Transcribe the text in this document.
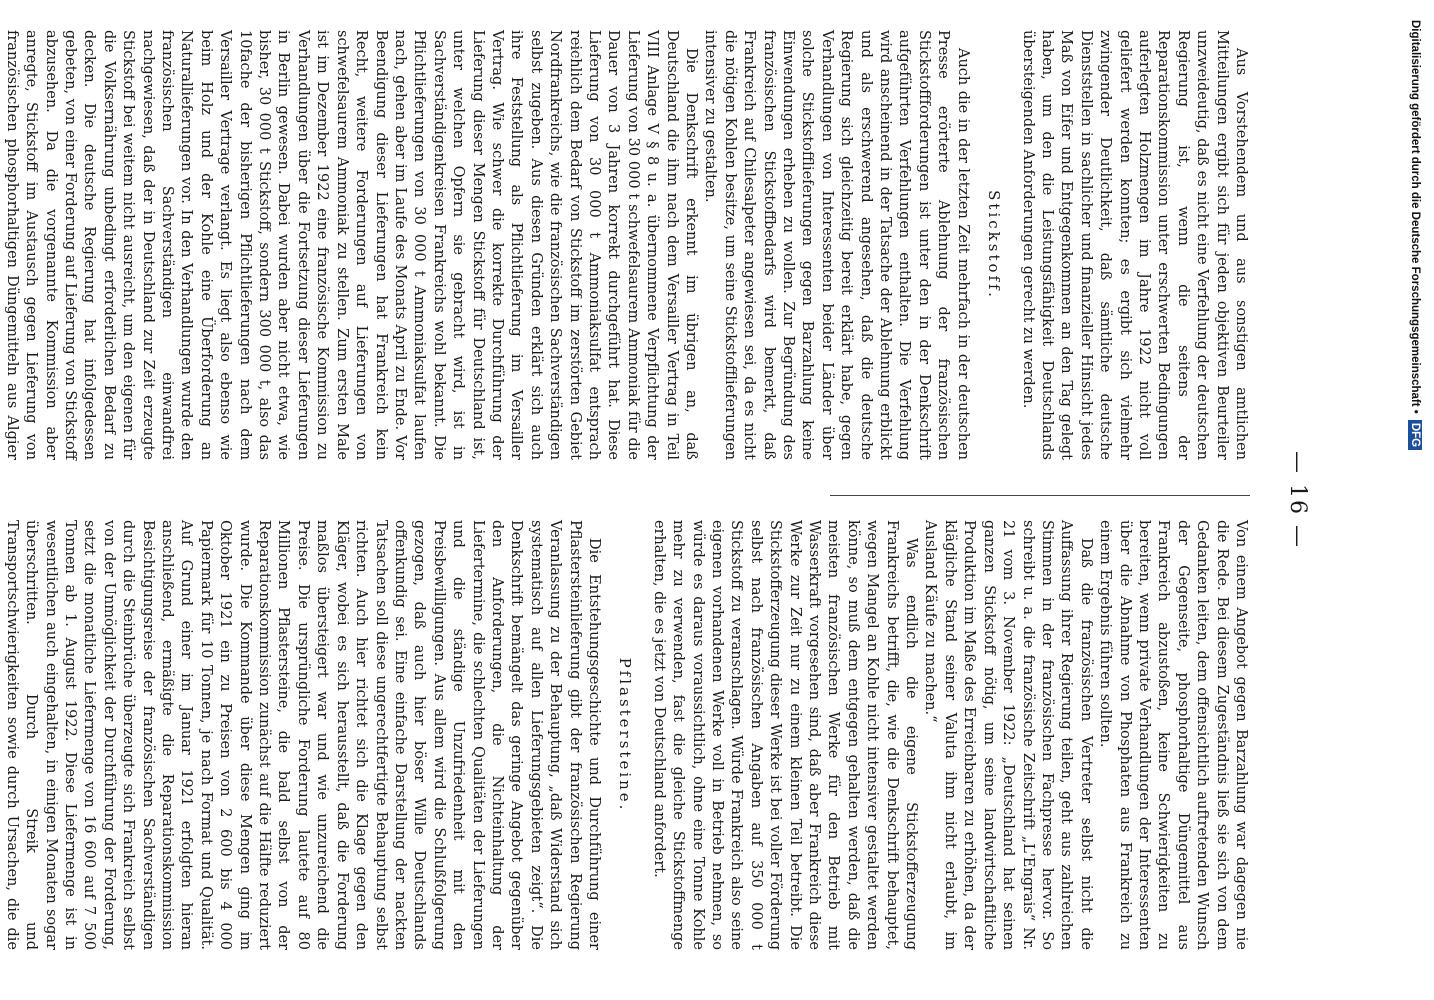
— 16 —

Aus Vorstehendem und aus sonstigen amtlichen Mitteilungen ergibt sich für jeden objektiven Beurteiler unzweideutig, daß es nicht eine Verfehlung der deutschen Regierung ist, wenn die seitens der Reparationskommission unter erschwerten Bedingungen auferlegten Holzmengen im Jahre 1922 nicht voll geliefert werden konnten; es ergibt sich vielmehr zwingender Deutlichkeit, daß sämtliche deutsche Dienststellen in sachlicher und finanzieller Hinsicht jedes Maß von Eifer und Entgegenkommen an den Tag gelegt haben, um den die Leistungsfähigkeit Deutschlands übersteigenden Anforderungen gerecht zu werden.

Stickstoff.

Auch die in der letzten Zeit mehrfach in der deutschen Presse erörterte Ablehnung der französischen Stickstoffforderungen ist unter den in der Denkschrift aufgeführten Verfehlungen enthalten. Die Verfehlung wird anscheinend in der Tatsache der Ablehnung erblickt und als erschwerend angesehen, daß die deutsche Regierung sich gleichzeitig bereit erklärt habe, gegen Verhandlungen von Interessenten beider Länder über solche Stickstofflieferungen gegen Barzahlung keine Einwendungen erheben zu wollen. Zur Begründung des französischen Stickstoffbedarfs wird bemerkt, daß Frankreich auf Chilesalpeter angewiesen sei, da es nicht die nötigen Kohlen besitze, um seine Stickstofflieferungen intensiver zu gestalten.

Die Denkschrift erkennt im übrigen an, daß Deutschland die ihm nach dem Versailler Vertrag in Teil VIII Anlage V § 8 u. a. übernommene Verpflichtung der Lieferung von 30 000 t schwefelsaurem Ammoniak für die Dauer von 3 Jahren korrekt durchgeführt hat. Diese Lieferung von 30 000 t Ammoniaksulfat entsprach reichlich dem Bedarf von Stickstoff im zerstörten Gebiet Nordfrankreichs, wie die französischen Sachverständigen selbst zugeben. Aus diesen Gründen erklärt sich auch ihre Feststellung als Pflichtlieferung im Versailler Vertrag. Wie schwer die korrekte Durchführung der Lieferung dieser Mengen Stickstoff für Deutschland ist, unter welchen Opfern sie gebracht wird, ist in Sachverständigenkreisen Frankreichs wohl bekannt. Die Pflichtlieferungen von 30 000 t Ammoniaksulfat laufen nach, gehen aber im Laufe des Monats April zu Ende. Vor Beendigung dieser Lieferungen hat Frankreich kein Recht, weitere Forderungen auf Lieferungen von schwefelsaurem Ammoniak zu stellen. Zum ersten Male ist im Dezember 1922 eine französische Kommission zu Verhandlungen über die Fortsetzung dieser Lieferungen in Berlin gewesen. Dabei wurden aber nicht etwa, wie bisher, 30 000 t Stickstoff, sondern 300 000 t, also das 10fache der bisherigen Pflichtlieferungen nach dem Versailler Vertrage verlangt. Es liegt also ebenso wie beim Holz und der Kohle eine Überforderung an Naturallieferungen vor. In den Verhandlungen wurde den französischen Sachverständigen einwandfrei nachgewiesen, daß der in Deutschland zur Zeit erzeugte Stickstoff bei weitem nicht ausreicht, um den eigenen für die Volksernährung unbedingt erforderlichen Bedarf zu decken. Die deutsche Regierung hat infolgedessen gebeten, von einer Forderung auf Lieferung von Stickstoff abzusehen. Da die vorgenannte Kommission aber anregte, Stickstoff im Austausch gegen Lieferung von französischen phosphorhaltigen Düngemitteln aus Algier

Von einem Angebot gegen Barzahlung war dagegen nie die Rede. Bei diesem Zugeständnis ließ sie sich von dem Gedanken leiten, dem offensichtlich auftretenden Wunsch der Gegenseite, phosphorhaltige Düngemittel aus Frankreich abzustoßen, keine Schwierigkeiten zu bereiten, wenn private Verhandlungen der Interessenten über die Abnahme von Phosphaten aus Frankreich zu einem Ergebnis führen sollten.

Daß die französischen Vertreter selbst nicht die Auffassung ihrer Regierung teilen, geht aus zahlreichen Stimmen in der französischen Fachpresse hervor. So schreibt u. a. die französische Zeitschrift „L'Engrais“ Nr. 21 vom 3. November 1922: „Deutschland hat seinen ganzen Stickstoff nötig, um seine landwirtschaftliche Produktion im Maße des Erreichbaren zu erhöhen, da der klägliche Stand seiner Valuta ihm nicht erlaubt, im Ausland Käufe zu machen.“

Was endlich die eigene Stickstofferzeugung Frankreichs betrifft, die, wie die Denkschrift behauptet, wegen Mangel an Kohle nicht intensiver gestaltet werden könne, so muß dem entgegen gehalten werden, daß die meisten französischen Werke für den Betrieb mit Wasserkraft vorgesehen sind, daß aber Frankreich diese Werke zur Zeit nur zu einem kleinen Teil betreibt. Die Stickstofferzeugung dieser Werke ist bei voller Förderung selbst nach französischen Angaben auf 350 000 t Stickstoff zu veranschlagen. Würde Frankreich also seine eigenen vorhandenen Werke voll in Betrieb nehmen, so würde es daraus voraussichtlich, ohne eine Tonne Kohle mehr zu verwenden, fast die gleiche Stickstoffmenge erhalten, die es jetzt von Deutschland anfordert.

Pflastersteine.

Die Entstehungsgeschichte und Durchführung einer Pflastersteinlieferung gibt der französischen Regierung Veranlassung zu der Behauptung, „daß Widerstand sich systematisch auf allen Lieferungsgebieten zeigt“. Die Denkschrift bemängelt das geringe Angebot gegenüber den Anforderungen, die Nichteinhaltung der Liefertermine, die schlechten Qualitäten der Lieferungen und die ständige Unzufriedenheit mit den Preisbewilligungen. Aus allem wird die Schlußfolgerung gezogen, daß auch hier böser Wille Deutschlands offenkundig sei. Eine einfache Darstellung der nackten Tatsachen soll diese ungerechtfertigte Behauptung selbst richten. Auch hier richtet sich die Klage gegen den Kläger, wobei es sich herausstellt, daß die Forderung maßlos übersteigert war und wie unzureichend die Preise. Die ursprüngliche Forderung lautete auf 80 Millionen Pflastersteine, die bald selbst von der Reparationskommission zunächst auf die Hälfte reduziert wurde. Die Kommande über diese Mengen ging im Oktober 1921 ein zu Preisen von 2 600 bis 4 000 Papiermark für 10 Tonnen, je nach Format und Qualität. Auf Grund einer im Januar 1921 erfolgten hieran anschließend, ermäßigte die Reparationskommission Besichtigungsreise der französischen Sachverständigen durch die Steinbrüche überzeugte sich Frankreich selbst von der Unmöglichkeit der Durchführung der Forderung, setzt die monatliche Liefermenge von 16 600 auf 7 500 Tonnen ab 1. August 1922. Diese Liefermenge ist in wesentlichen auch eingehalten, in einigen Monaten sogar überschritten. Durch Streik und Transportschwierigkeiten sowie durch Ursachen, die die

Digitalisierung gefördert durch die Deutsche Forschungsgemeinschaft •DFG
